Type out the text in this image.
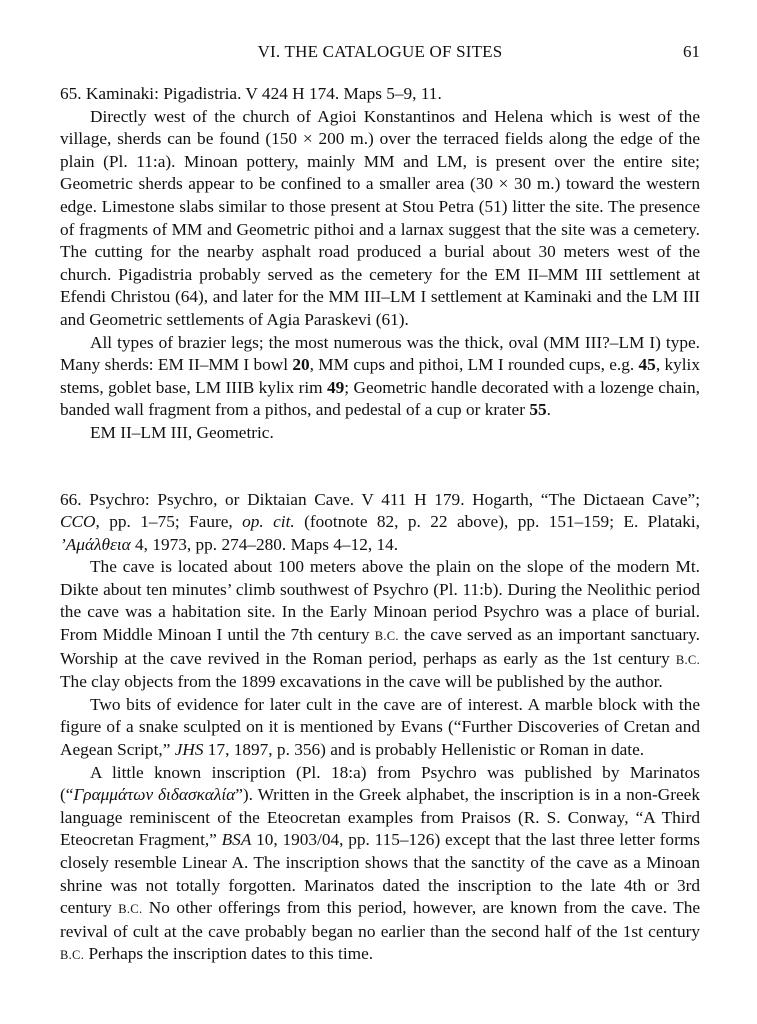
VI. THE CATALOGUE OF SITES	61

65. Kaminaki: Pigadistria. V 424 H 174. Maps 5–9, 11.

Directly west of the church of Agioi Konstantinos and Helena which is west of the village, sherds can be found (150 × 200 m.) over the terraced fields along the edge of the plain (Pl. 11:a). Minoan pottery, mainly MM and LM, is present over the entire site; Geometric sherds appear to be confined to a smaller area (30 × 30 m.) toward the western edge. Limestone slabs similar to those present at Stou Petra (51) litter the site. The presence of fragments of MM and Geometric pithoi and a larnax suggest that the site was a cemetery. The cutting for the nearby asphalt road produced a burial about 30 meters west of the church. Pigadistria probably served as the cemetery for the EM II–MM III settlement at Efendi Christou (64), and later for the MM III–LM I settlement at Kaminaki and the LM III and Geometric settlements of Agia Paraskevi (61).

All types of brazier legs; the most numerous was the thick, oval (MM III?–LM I) type. Many sherds: EM II–MM I bowl 20, MM cups and pithoi, LM I rounded cups, e.g. 45, kylix stems, goblet base, LM IIIB kylix rim 49; Geometric handle decorated with a lozenge chain, banded wall fragment from a pithos, and pedestal of a cup or krater 55.

EM II–LM III, Geometric.

66. Psychro: Psychro, or Diktaian Cave. V 411 H 179. Hogarth, “The Dictaean Cave”; CCO, pp. 1–75; Faure, op. cit. (footnote 82, p. 22 above), pp. 151–159; E. Plataki, ’Αμάλθεια 4, 1973, pp. 274–280. Maps 4–12, 14.

The cave is located about 100 meters above the plain on the slope of the modern Mt. Dikte about ten minutes’ climb southwest of Psychro (Pl. 11:b). During the Neolithic period the cave was a habitation site. In the Early Minoan period Psychro was a place of burial. From Middle Minoan I until the 7th century B.C. the cave served as an important sanctuary. Worship at the cave revived in the Roman period, perhaps as early as the 1st century B.C. The clay objects from the 1899 excavations in the cave will be published by the author.

Two bits of evidence for later cult in the cave are of interest. A marble block with the figure of a snake sculpted on it is mentioned by Evans (“Further Discoveries of Cretan and Aegean Script,” JHS 17, 1897, p. 356) and is probably Hellenistic or Roman in date.

A little known inscription (Pl. 18:a) from Psychro was published by Marinatos (“Γραμμάτων διδασκαλία”). Written in the Greek alphabet, the inscription is in a non-Greek language reminiscent of the Eteocretan examples from Praisos (R. S. Conway, “A Third Eteocretan Fragment,” BSA 10, 1903/04, pp. 115–126) except that the last three letter forms closely resemble Linear A. The inscription shows that the sanctity of the cave as a Minoan shrine was not totally forgotten. Marinatos dated the inscription to the late 4th or 3rd century B.C. No other offerings from this period, however, are known from the cave. The revival of cult at the cave probably began no earlier than the second half of the 1st century B.C. Perhaps the inscription dates to this time.
